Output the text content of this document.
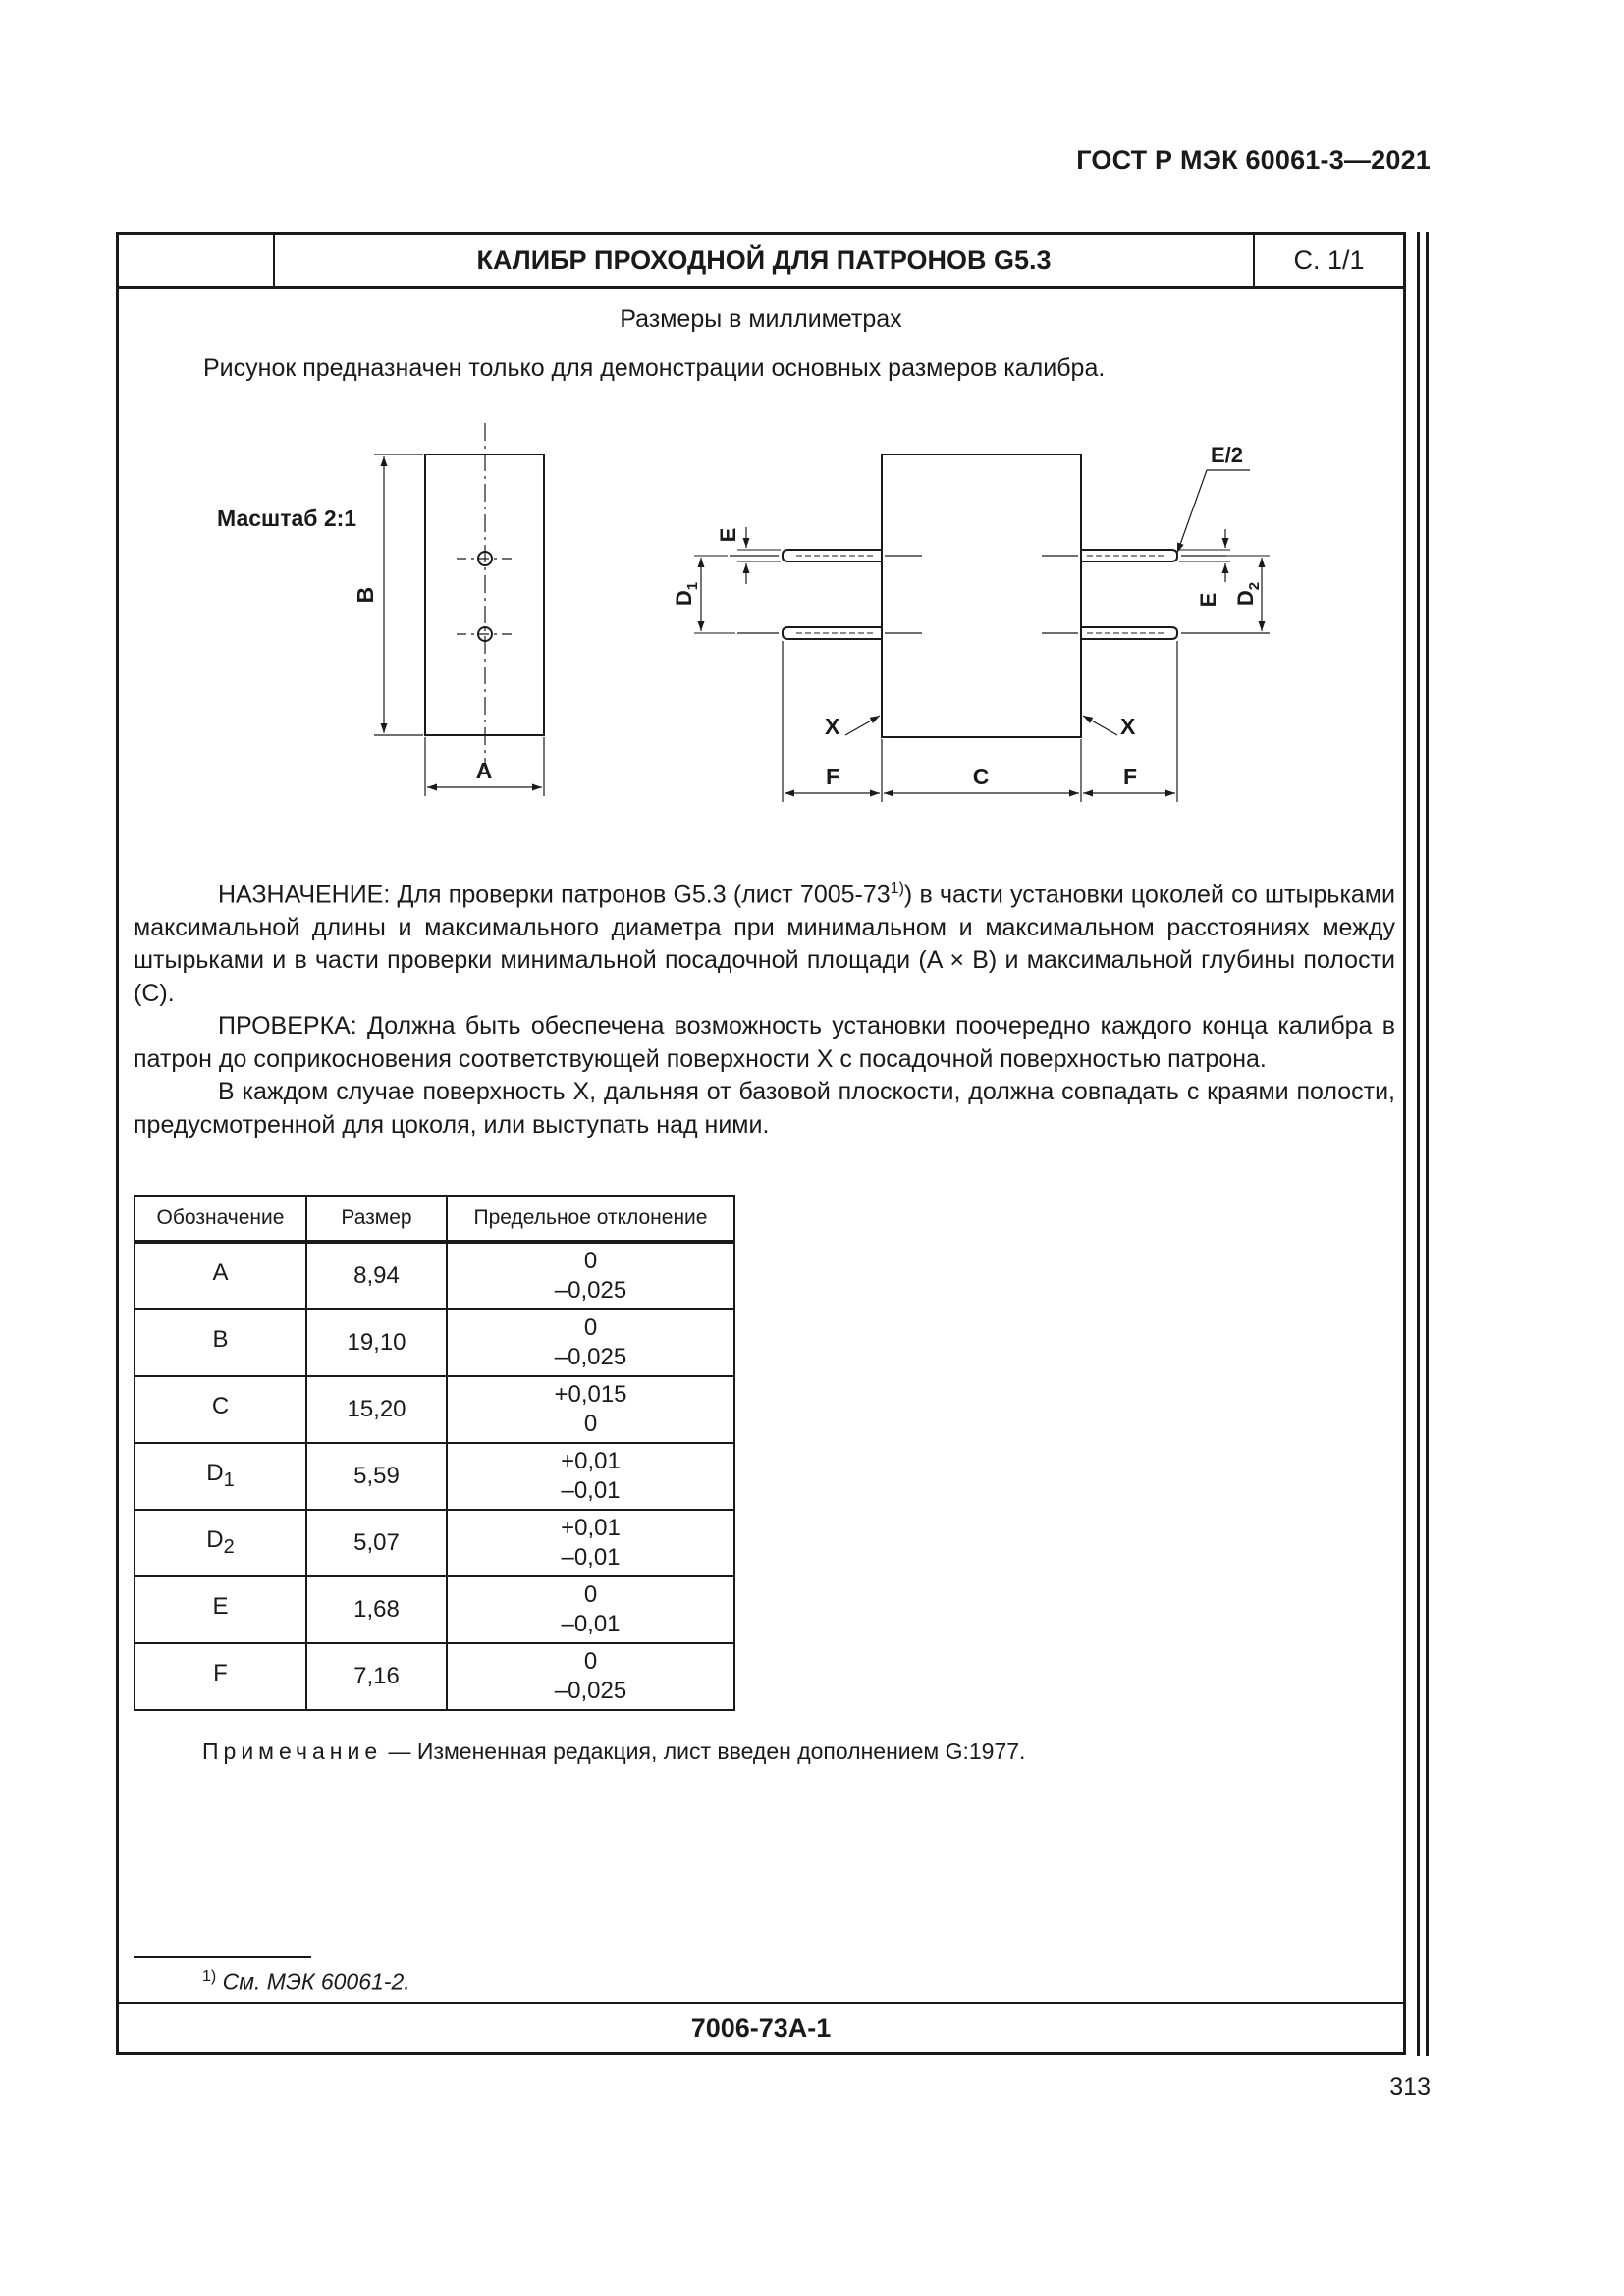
ГОСТ Р МЭК 60061-3—2021
КАЛИБР ПРОХОДНОЙ ДЛЯ ПАТРОНОВ G5.3	С. 1/1
Размеры в миллиметрах
Рисунок предназначен только для демонстрации основных размеров калибра.
Масштаб 2:1
B
A
E
$D_1$
E
E/2
$D_2$
F	C	F
X	X

НАЗНАЧЕНИЕ: Для проверки патронов G5.3 (лист 7005-73$^{1)}$) в части установки цоколей со штырьками максимальной длины и максимального диаметра при минимальном и максимальном расстояниях между штырьками и в части проверки минимальной посадочной площади (A × B) и максимальной глубины полости (C).

ПРОВЕРКА: Должна быть обеспечена возможность установки поочередно каждого конца калибра в патрон до соприкосновения соответствующей поверхности X с посадочной поверхностью патрона.

В каждом случае поверхность X, дальняя от базовой плоскости, должна совпадать с краями полости, предусмотренной для цоколя, или выступать над ними.

Обозначение	Размер	Предельное отклонение
A	8,94	0
–0,025

B	19,10	0
–0,025

C	15,20	+0,015
0

$D_1$	5,59	+0,01
–0,01

$D_2$	5,07	+0,01
–0,01

E	1,68	0
–0,01

F	7,16	0
–0,025
Примечание — Измененная редакция, лист введен дополнением G:1977.
$^{1)}$ См. МЭК 60061-2.
7006-73A-1
313
